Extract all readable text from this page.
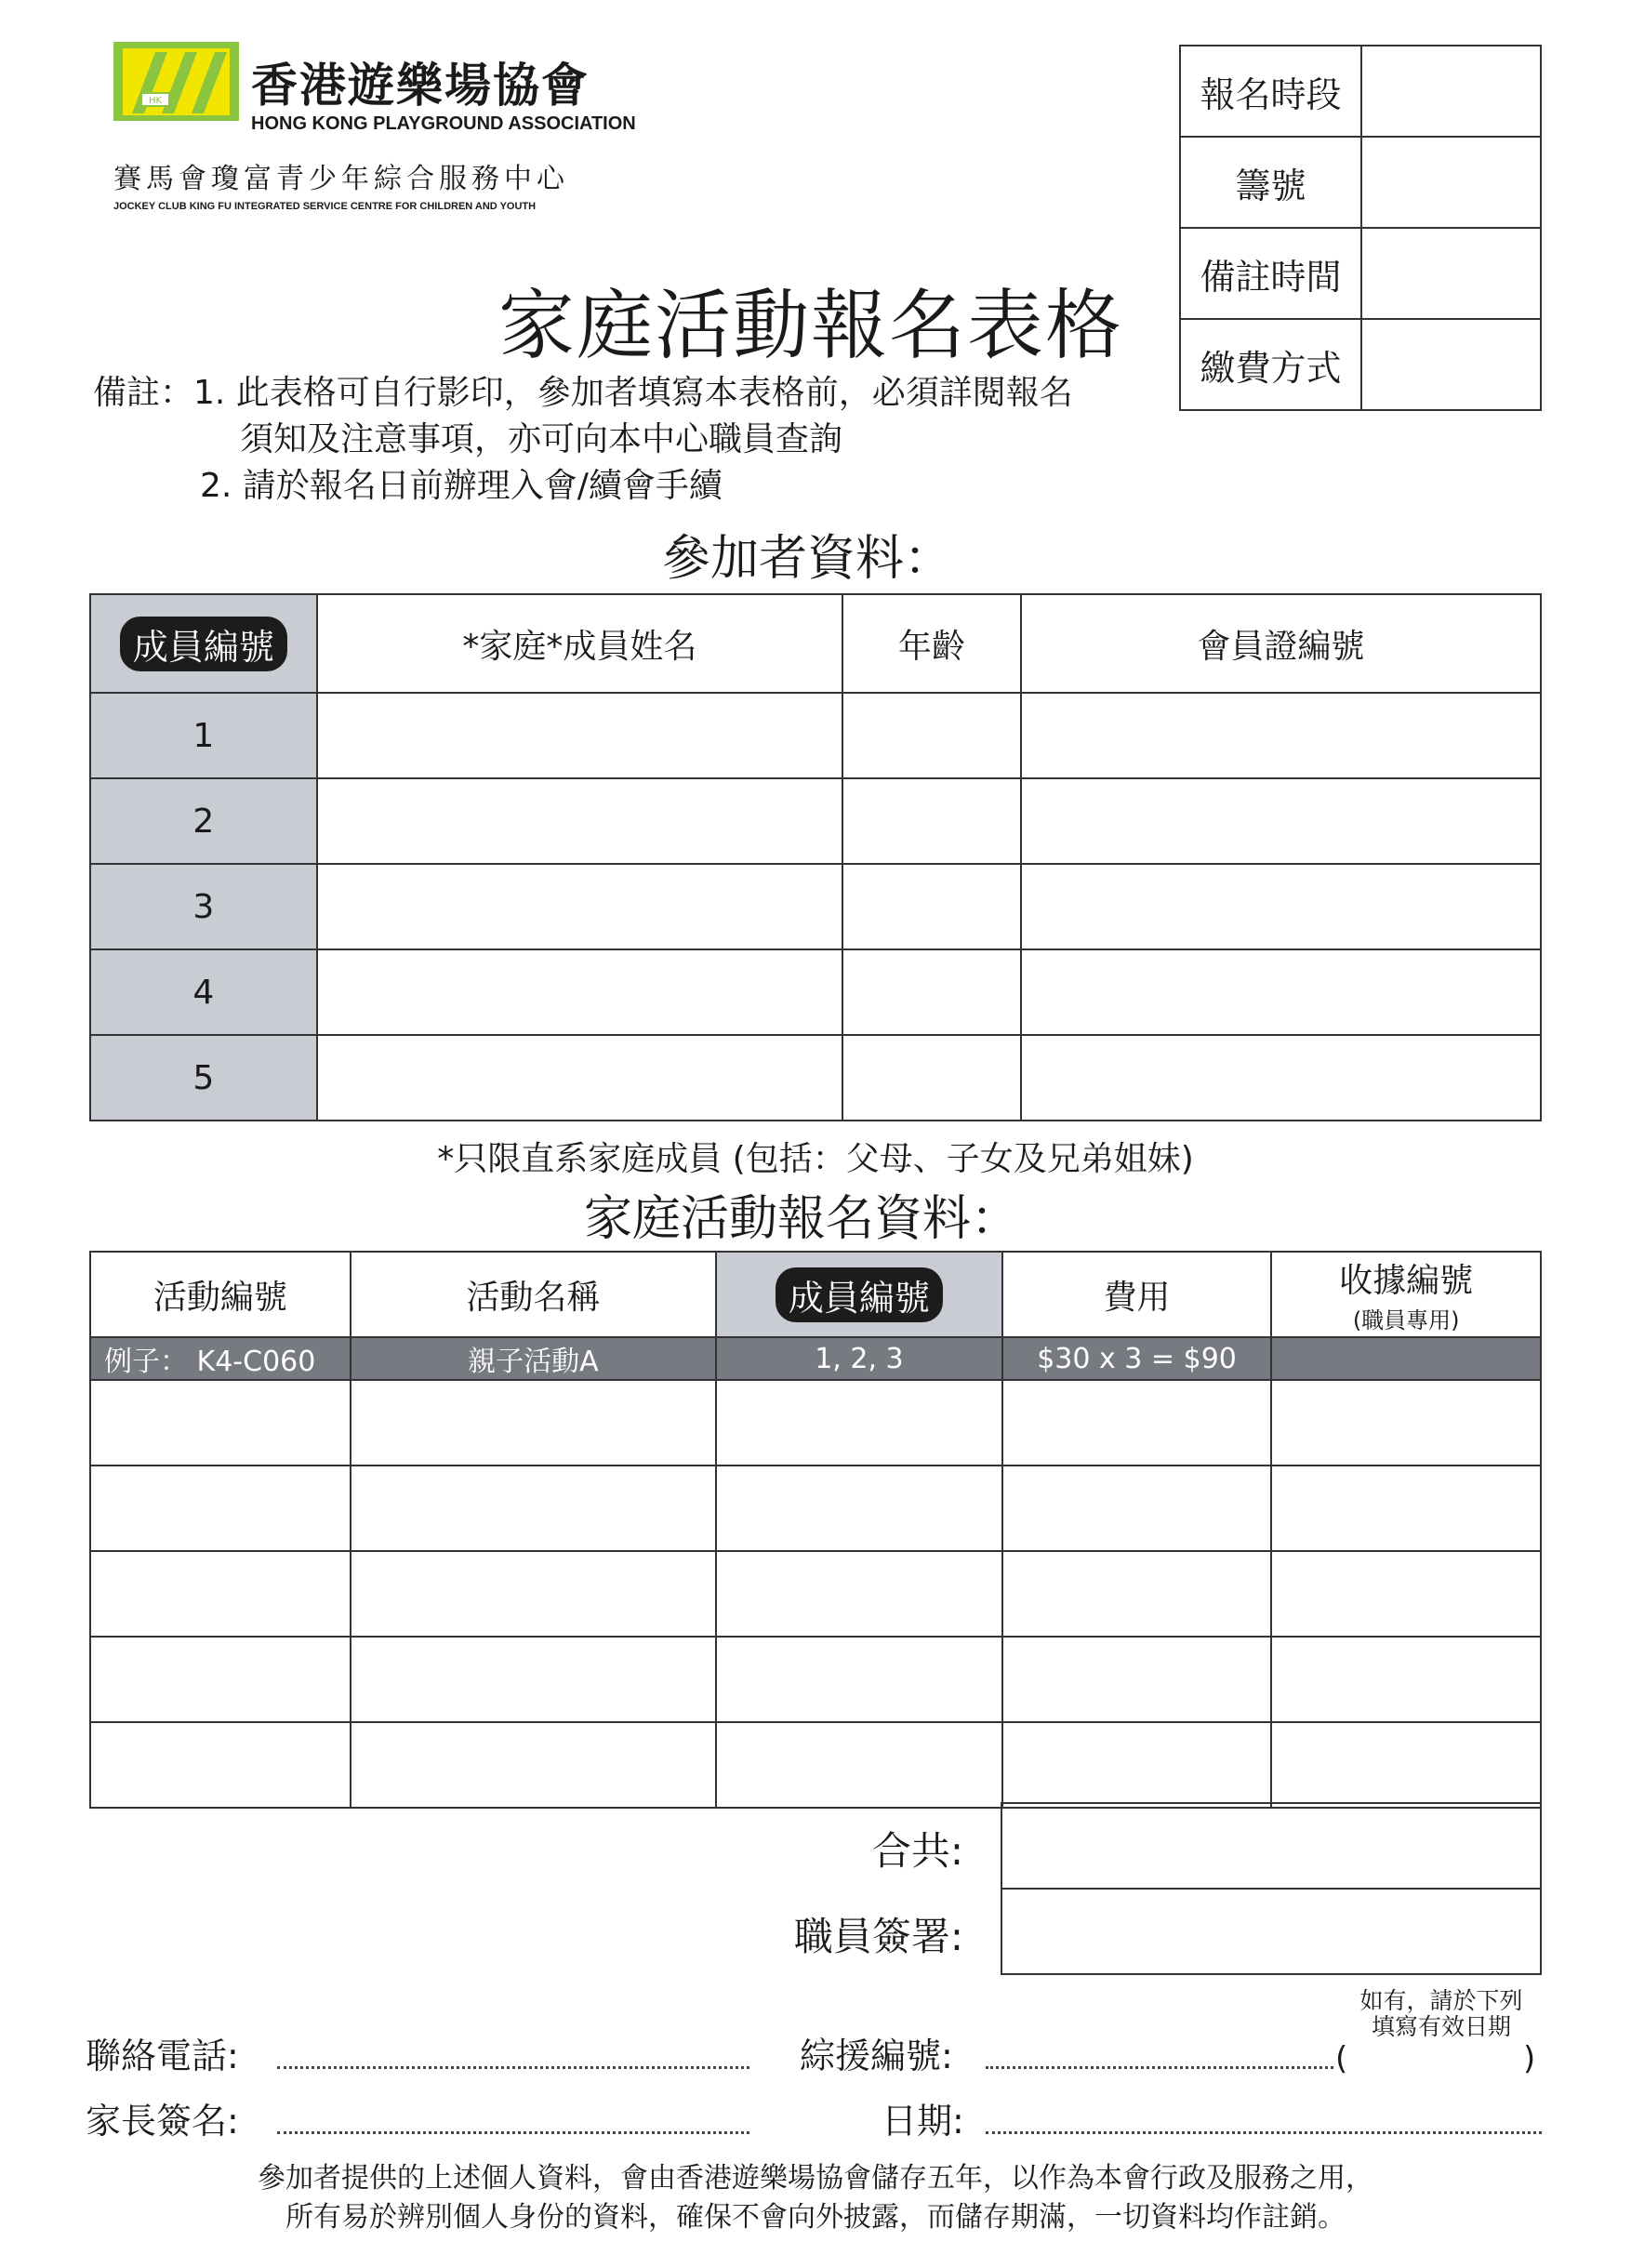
HK 香港遊樂場協會
HONG KONG PLAYGROUND ASSOCIATION
賽馬會瓊富青少年綜合服務中心
JOCKEY CLUB KING FU INTEGRATED SERVICE CENTRE FOR CHILDREN AND YOUTH
報名時段	
籌號	
備註時間	
繳費方式	
家庭活動報名表格
備註：1. 此表格可自行影印，參加者填寫本表格前，必須詳閱報名
須知及注意事項，亦可向本中心職員查詢
2. 請於報名日前辦理入會/續會手續
參加者資料：
成員編號	*家庭*成員姓名	年齡	會員證編號
1			
2			
3			
4			
5			
*只限直系家庭成員 (包括：父母、子女及兄弟姐妹)
家庭活動報名資料：
活動編號	活動名稱	成員編號	費用	收據編號
(職員專用)

例子： K4-C060	親子活動A	1, 2, 3	$30 x 3 = $90	

合共:
職員簽署:

聯絡電話:	綜援編號:
如有，請於下列
填寫有效日期
(	)
家長簽名:	日期:
參加者提供的上述個人資料，會由香港遊樂場協會儲存五年，以作為本會行政及服務之用，
所有易於辨別個人身份的資料，確保不會向外披露，而儲存期滿，一切資料均作註銷。
